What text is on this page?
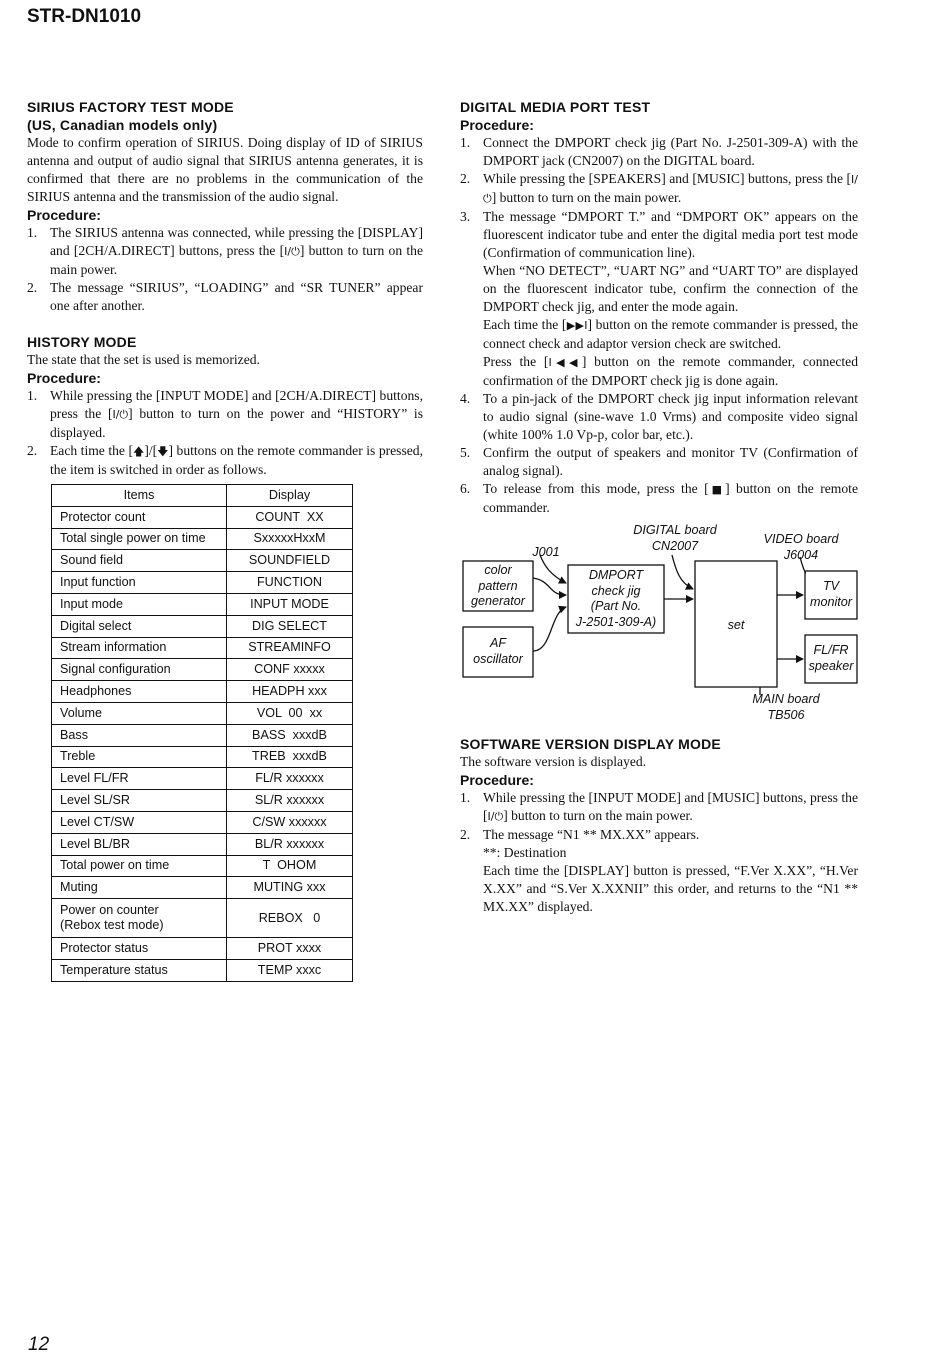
STR-DN1010
SIRIUS FACTORY TEST MODE
(US, Canadian models only)

Mode to confirm operation of SIRIUS. Doing display of ID of SIRIUS antenna and output of audio signal that SIRIUS antenna generates, it is confirmed that there are no problems in the communication of the SIRIUS antenna and the transmission of the audio signal.

Procedure:
1. The SIRIUS antenna was connected, while pressing the [DISPLAY] and [2CH/A.DIRECT] buttons, press the [I/⏻] button to turn on the main power.
2. The message “SIRIUS”, “LOADING” and “SR TUNER” appear one after another.
HISTORY MODE

The state that the set is used is memorized.

Procedure:
1. While pressing the [INPUT MODE] and [2CH/A.DIRECT] buttons, press the [I/⏻] button to turn on the power and “HISTORY” is displayed.
2. Each time the [🡅]/[🡇] buttons on the remote commander is pressed, the item is switched in order as follows.
Items	Display
Protector count	COUNT  XX
Total single power on time	SxxxxxHxxM
Sound field	SOUNDFIELD
Input function	FUNCTION
Input mode	INPUT MODE
Digital select	DIG SELECT
Stream information	STREAMINFO
Signal configuration	CONF xxxxx
Headphones	HEADPH xxx
Volume	VOL  00  xx
Bass	BASS  xxxdB
Treble	TREB  xxxdB
Level FL/FR	FL/R xxxxxx
Level SL/SR	SL/R xxxxxx
Level CT/SW	C/SW xxxxxx
Level BL/BR	BL/R xxxxxx
Total power on time	T  OHOM
Muting	MUTING xxx
Power on counter
(Rebox test mode)	REBOX   0
Protector status	PROT xxxx
Temperature status	TEMP xxxc
DIGITAL MEDIA PORT TEST
Procedure:
1. Connect the DMPORT check jig (Part No. J-2501-309-A) with the DMPORT jack (CN2007) on the DIGITAL board.
2. While pressing the [SPEAKERS] and [MUSIC] buttons, press the [I/⏻] button to turn on the main power.
3. The message “DMPORT T.” and “DMPORT OK” appears on the fluorescent indicator tube and enter the digital media port test mode (Confirmation of communication line).
When “NO DETECT”, “UART NG” and “UART TO” are displayed on the fluorescent indicator tube, confirm the connection of the DMPORT check jig, and enter the mode again.
Each time the [▶▶I] button on the remote commander is pressed, the connect check and adaptor version check are switched.
Press the [I◀◀] button on the remote commander, connected confirmation of the DMPORT check jig is done again.
4. To a pin-jack of the DMPORT check jig input information relevant to audio signal (sine-wave 1.0 Vrms) and composite video signal (white 100% 1.0 Vp-p, color bar, etc.).
5. Confirm the output of speakers and monitor TV (Confirmation of analog signal).
6. To release from this mode, press the [■] button on the remote commander.
color
pattern
generator
AF
oscillator
DMPORT
check jig
(Part No.
J-2501-309-A)	set
TV
monitor
FL/FR
speaker
J001
DIGITAL board
CN2007	VIDEO board
J6004
MAIN board
TB506
SOFTWARE VERSION DISPLAY MODE

The software version is displayed.

Procedure:
1. While pressing the [INPUT MODE] and [MUSIC] buttons, press the [I/⏻] button to turn on the main power.
2. The message “N1 ** MX.XX” appears.
**: Destination
Each time the [DISPLAY] button is pressed, “F.Ver X.XX”, “H.Ver X.XX” and “S.Ver X.XXNII” this order, and returns to the “N1 ** MX.XX” displayed.
12
